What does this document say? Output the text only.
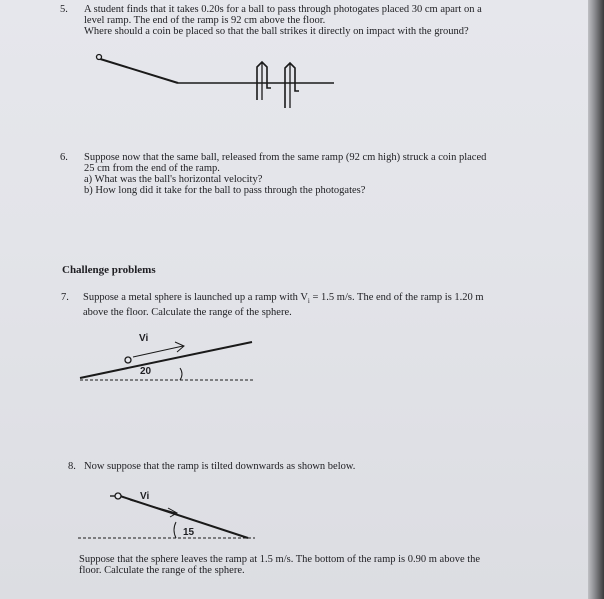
5. A student finds that it takes 0.20s for a ball to pass through photogates placed 30 cm apart on a
level ramp. The end of the ramp is 92 cm above the floor.
Where should a coin be placed so that the ball strikes it directly on impact with the ground?
6. Suppose now that the same ball, released from the same ramp (92 cm high) struck a coin placed
25 cm from the end of the ramp.
a) What was the ball's horizontal velocity?
b) How long did it take for the ball to pass through the photogates?
Challenge problems
7. Suppose a metal sphere is launched up a ramp with $V_i = 1.5$ m/s. The end of the ramp is 1.20 m
above the floor. Calculate the range of the sphere.
Vi
20
8. Now suppose that the ramp is tilted downwards as shown below.
Vi
15
Suppose that the sphere leaves the ramp at 1.5 m/s. The bottom of the ramp is 0.90 m above the
floor. Calculate the range of the sphere.
